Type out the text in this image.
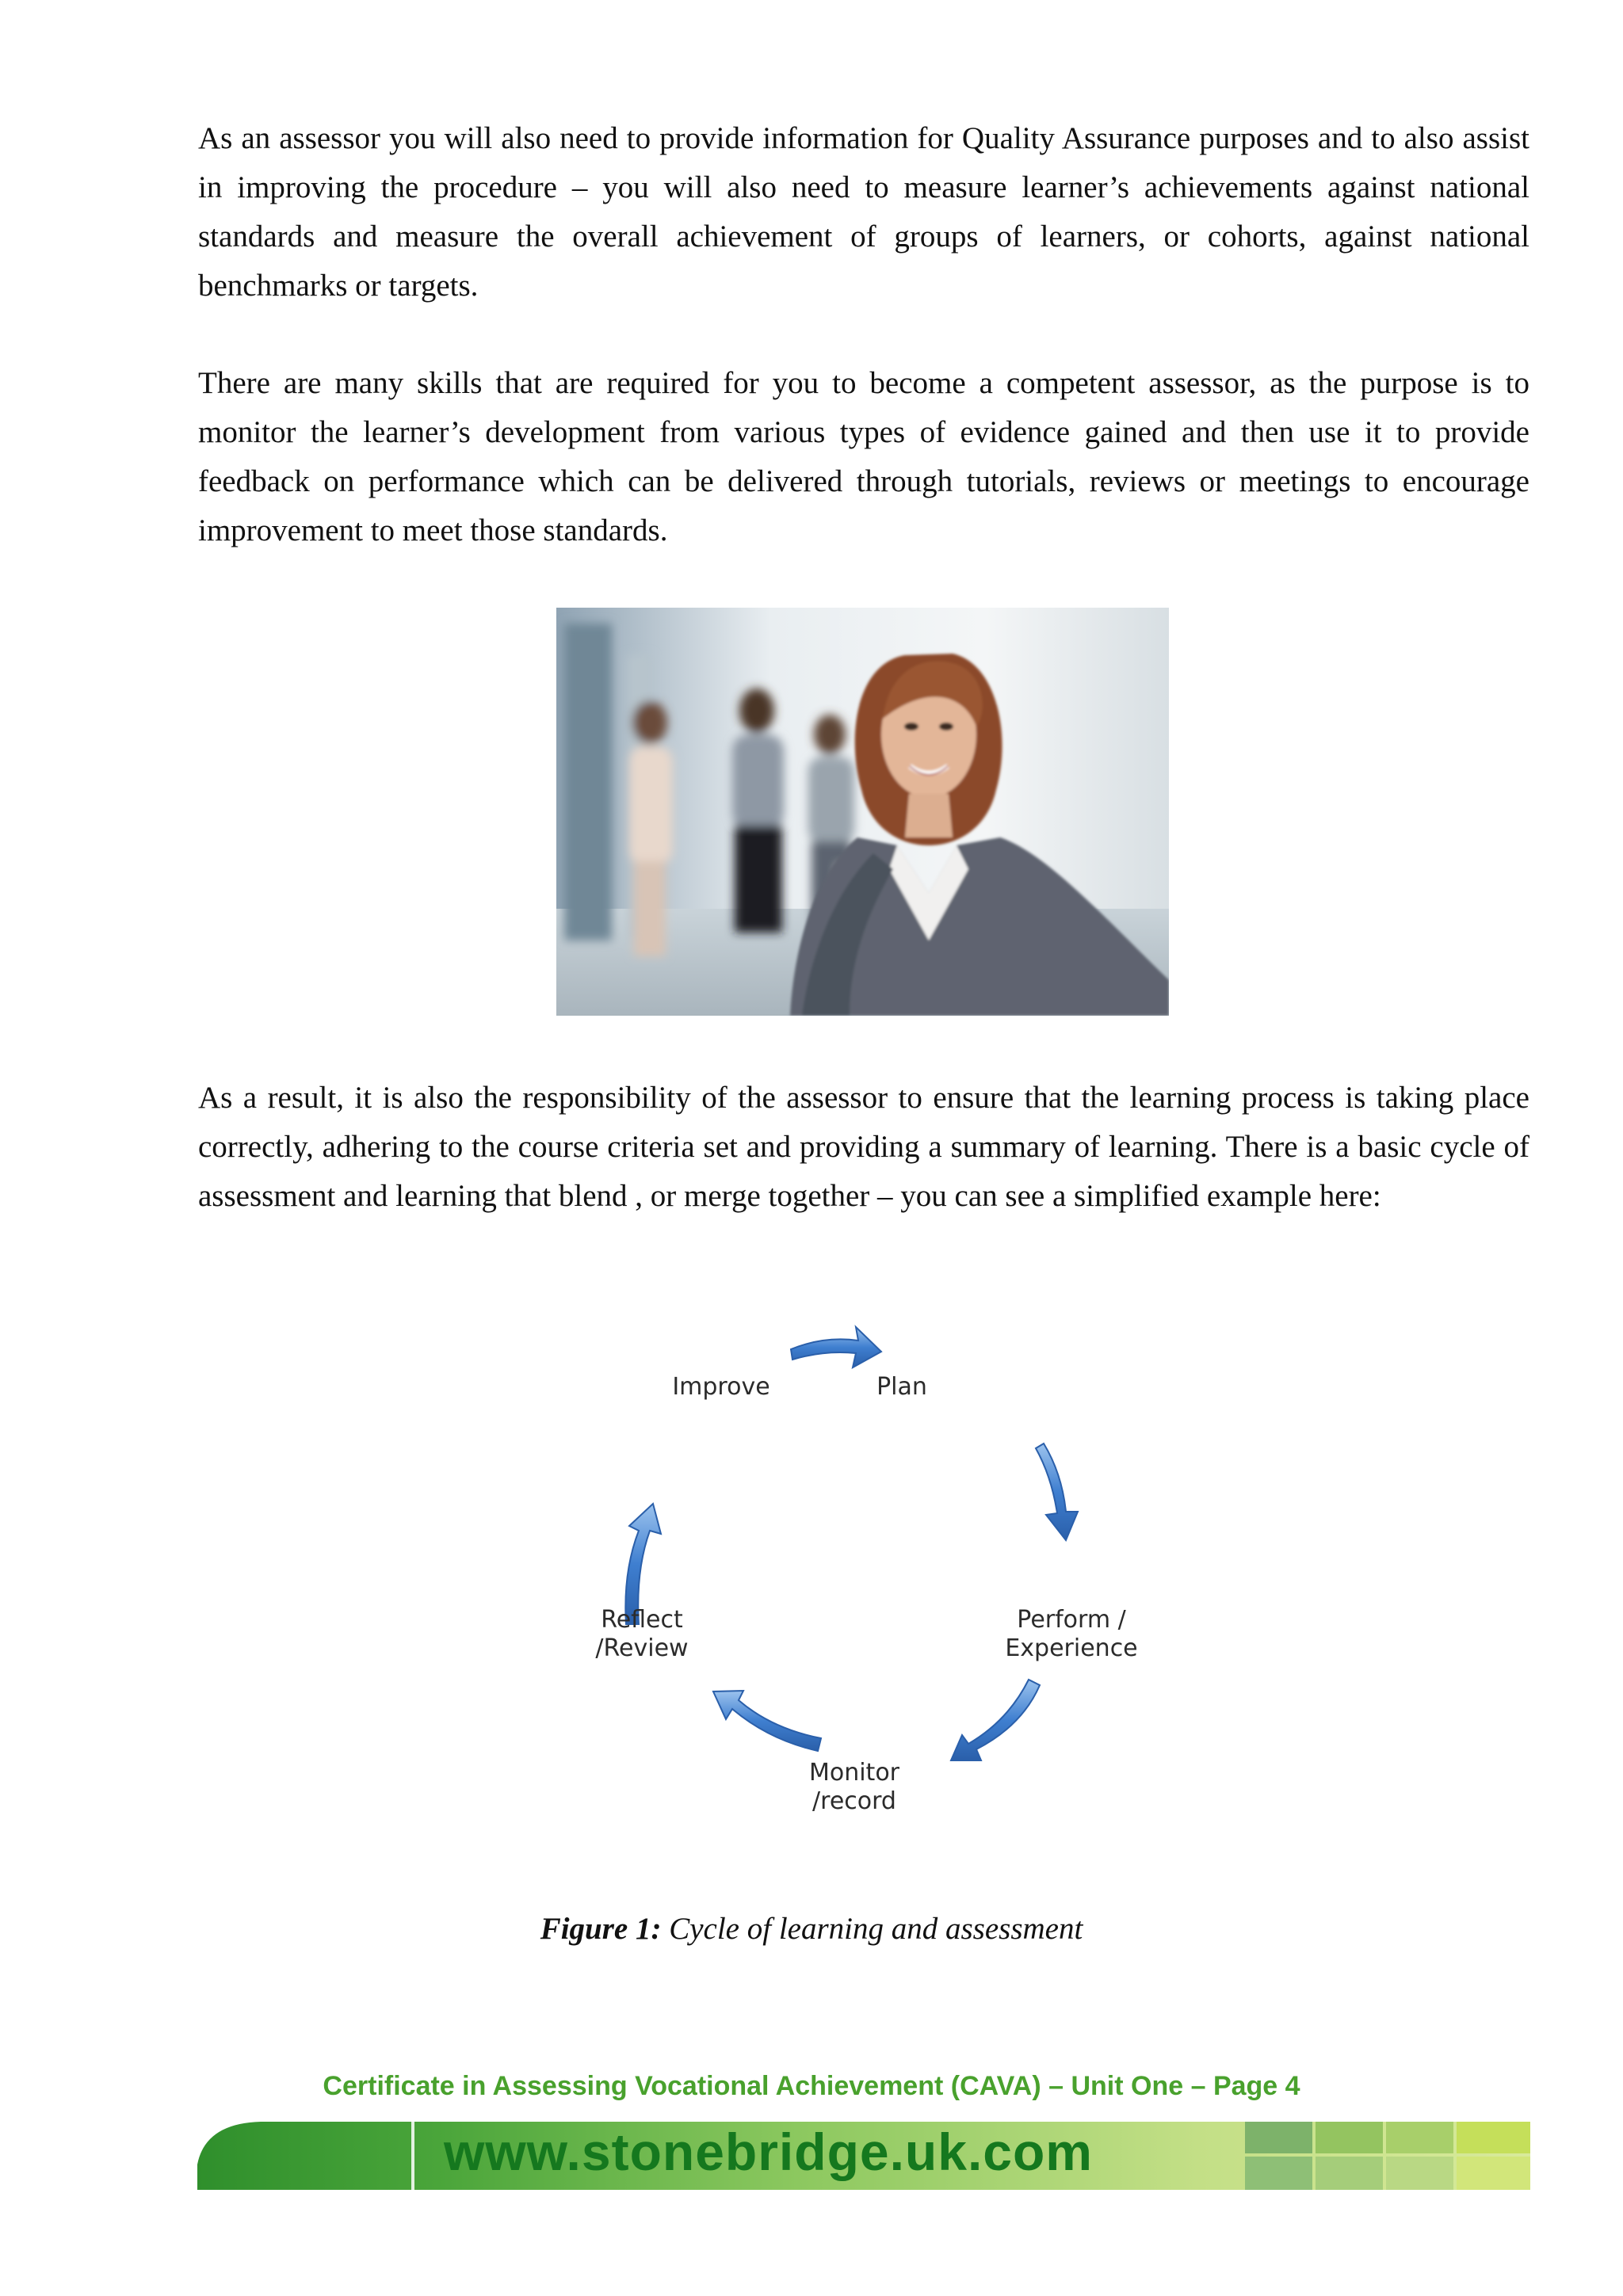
As an assessor you will also need to provide information for Quality Assurance purposes and to also assist in improving the procedure – you will also need to measure learner’s achievements against national standards and measure the overall achievement of groups of learners, or cohorts, against national benchmarks or targets.

There are many skills that are required for you to become a competent assessor, as the purpose is to monitor the learner’s development from various types of evidence gained and then use it to provide feedback on performance which can be delivered through tutorials, reviews or meetings to encourage improvement to meet those standards.

As a result, it is also the responsibility of the assessor to ensure that the learning process is taking place correctly, adhering to the course criteria set and providing a summary of learning. There is a basic cycle of assessment and learning that blend , or merge together – you can see a simplified example here:

Improve	Plan
Perform /
Experience
Monitor
/record
Reflect
/Review
Figure 1: Cycle of learning and assessment
Certificate in Assessing Vocational Achievement (CAVA) – Unit One – Page 4
www.stonebridge.uk.com
